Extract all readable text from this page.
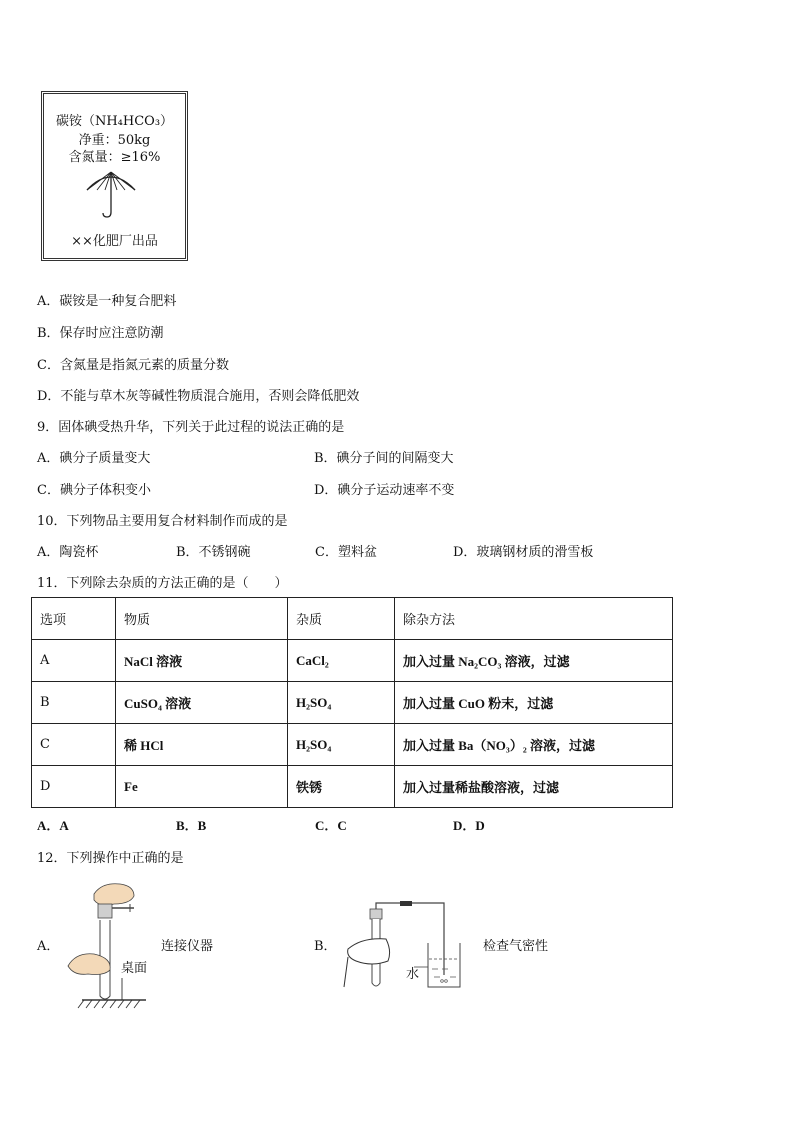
碳铵（NH₄HCO₃）
净重：50kg
含氮量：≥16%
××化肥厂出品
A．碳铵是一种复合肥料
B．保存时应注意防潮
C．含氮量是指氮元素的质量分数
D．不能与草木灰等碱性物质混合施用，否则会降低肥效
9．固体碘受热升华，下列关于此过程的说法正确的是
A．碘分子质量变大	B．碘分子间的间隔变大
C．碘分子体积变小	D．碘分子运动速率不变
10．下列物品主要用复合材料制作而成的是
A．陶瓷杯	B．不锈钢碗	C．塑料盆	D．玻璃钢材质的滑雪板
11．下列除去杂质的方法正确的是（　　）
选项	物质	杂质	除杂方法
A	NaCl 溶液	CaCl₂	加入过量 Na₂CO₃ 溶液，过滤
B	CuSO₄ 溶液	H₂SO₄	加入过量 CuO 粉末，过滤
C	稀 HCl	H₂SO₄	加入过量 Ba（NO₃）₂ 溶液，过滤
D	Fe	铁锈	加入过量稀盐酸溶液，过滤
A．A	B．B	C．C	D．D
12．下列操作中正确的是
A．
桌面
连接仪器	B．
水
检查气密性
